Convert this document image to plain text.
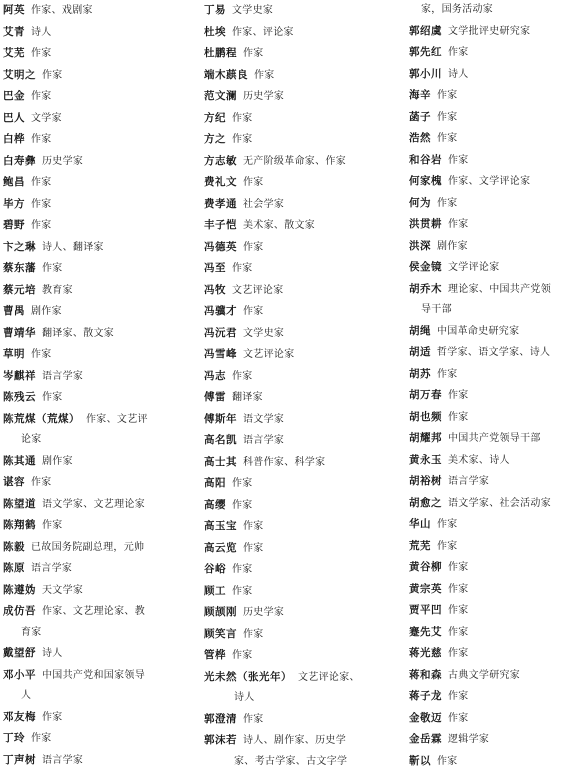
阿英 作家、戏剧家
艾青 诗人
艾芜 作家
艾明之 作家
巴金 作家
巴人 文学家
白桦 作家
白寿彝 历史学家
鲍昌 作家
毕方 作家
碧野 作家
卞之琳 诗人、翻译家
蔡东藩 作家
蔡元培 教育家
曹禺 剧作家
曹靖华 翻译家、散文家
草明 作家
岑麒祥 语言学家
陈残云 作家
陈荒煤（荒煤） 作家、文艺评
论家
陈其通 剧作家
谌容 作家
陈望道 语文学家、文艺理论家
陈翔鹤 作家
陈毅 已故国务院副总理，元帅
陈原 语言学家
陈遵妫 天文学家
成仿吾 作家、文艺理论家、教
育家
戴望舒 诗人
邓小平 中国共产党和国家领导
人
邓友梅 作家
丁玲 作家
丁声树 语言学家
丁易 文学史家
杜埃 作家、评论家
杜鹏程 作家
端木蕻良 作家
范文澜 历史学家
方纪 作家
方之 作家
方志敏 无产阶级革命家、作家
费礼文 作家
费孝通 社会学家
丰子恺 美术家、散文家
冯德英 作家
冯至 作家
冯牧 文艺评论家
冯骥才 作家
冯沅君 文学史家
冯雪峰 文艺评论家
冯志 作家
傅雷 翻译家
傅斯年 语文学家
高名凯 语言学家
高士其 科普作家、科学家
高阳 作家
高缨 作家
高玉宝 作家
高云览 作家
谷峪 作家
顾工 作家
顾颉刚 历史学家
顾笑言 作家
管桦 作家
光未然（张光年） 文艺评论家、
诗人
郭澄清 作家
郭沫若 诗人、剧作家、历史学
家、考古学家、古文字学
家，国务活动家
郭绍虞 文学批评史研究家
郭先红 作家
郭小川 诗人
海辛 作家
菡子 作家
浩然 作家
和谷岩 作家
何家槐 作家、文学评论家
何为 作家
洪贯耕 作家
洪深 剧作家
侯金镜 文学评论家
胡乔木 理论家、中国共产党领
导干部
胡绳 中国革命史研究家
胡适 哲学家、语文学家、诗人
胡苏 作家
胡万春 作家
胡也频 作家
胡耀邦 中国共产党领导干部
黄永玉 美术家、诗人
胡裕树 语言学家
胡愈之 语文学家、社会活动家
华山 作家
荒芜 作家
黄谷柳 作家
黄宗英 作家
贾平凹 作家
蹇先艾 作家
蒋光慈 作家
蒋和森 古典文学研究家
蒋子龙 作家
金敬迈 作家
金岳霖 逻辑学家
靳以 作家
